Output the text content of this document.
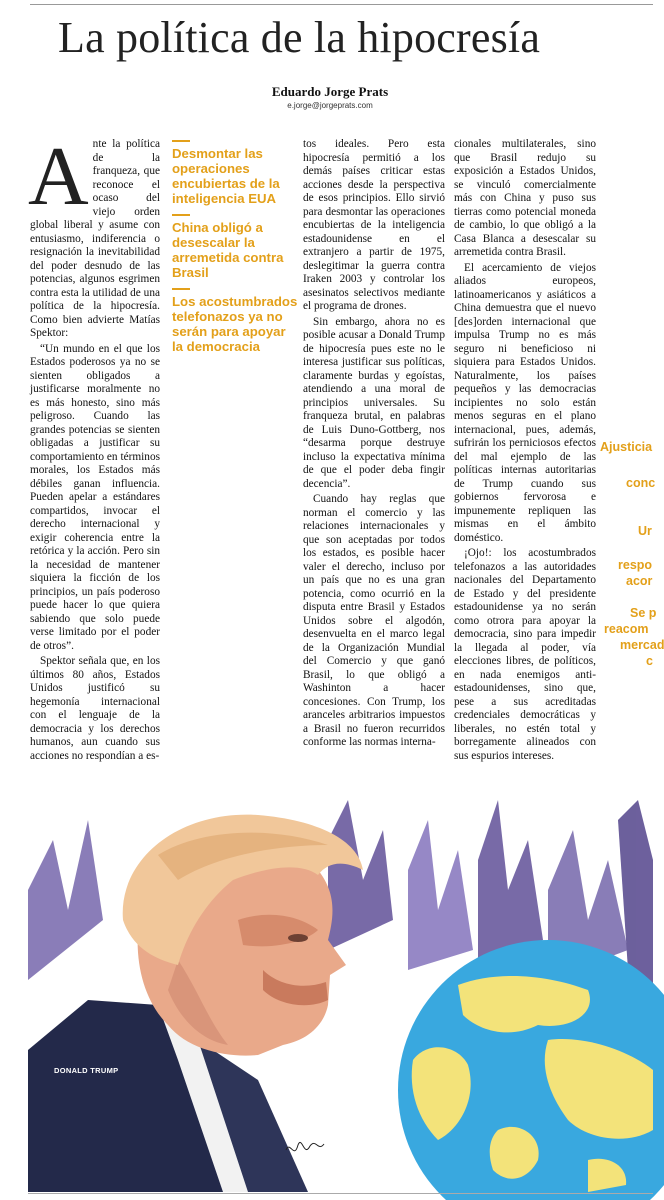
La política de la hipocresía
Eduardo Jorge Prats
e.jorge@jorgeprats.com

Ante la política de la franqueza, que reconoce el ocaso del viejo orden global liberal y asume con entusiasmo, indiferencia o resignación la inevitabilidad del poder desnudo de las potencias, algunos esgrimen contra esta la utilidad de una política de la hipocresía. Como bien advierte Matías Spektor:

“Un mundo en el que los Estados poderosos ya no se sienten obligados a justificarse moralmente no es más honesto, sino más peligroso. Cuando las grandes potencias se sienten obligadas a justificar su comportamiento en términos morales, los Estados más débiles ganan influencia. Pueden apelar a estándares compartidos, invocar el derecho internacional y exigir coherencia entre la retórica y la acción. Pero sin la necesidad de mantener siquiera la ficción de los principios, un país poderoso puede hacer lo que quiera sabiendo que solo puede verse limitado por el poder de otros”.

Spektor señala que, en los últimos 80 años, Estados Unidos justificó su hegemonía internacional con el lenguaje de la democracia y los derechos humanos, aun cuando sus acciones no respondían a es-

Desmontar las operaciones encubiertas de la inteligencia EUA
China obligó a desescalar la arremetida contra Brasil
Los acostumbrados telefonazos ya no serán para apoyar la democracia

tos ideales. Pero esta hipocresía permitió a los demás países criticar estas acciones desde la perspectiva de esos principios. Ello sirvió para desmontar las operaciones encubiertas de la inteligencia estadounidense en el extranjero a partir de 1975, deslegitimar la guerra contra Iraken 2003 y controlar los asesinatos selectivos mediante el programa de drones.

Sin embargo, ahora no es posible acusar a Donald Trump de hipocresía pues este no le interesa justificar sus políticas, claramente burdas y egoístas, atendiendo a una moral de principios universales. Su franqueza brutal, en palabras de Luis Duno-Gottberg, nos “desarma porque destruye incluso la expectativa mínima de que el poder deba fingir decencia”.

Cuando hay reglas que norman el comercio y las relaciones internacionales y que son aceptadas por todos los estados, es posible hacer valer el derecho, incluso por un país que no es una gran potencia, como ocurrió en la disputa entre Brasil y Estados Unidos sobre el algodón, desenvuelta en el marco legal de la Organización Mundial del Comercio y que ganó Brasil, lo que obligó a Washinton a hacer concesiones. Con Trump, los aranceles arbitrarios impuestos a Brasil no fueron recurridos conforme las normas interna-

cionales multilaterales, sino que Brasil redujo su exposición a Estados Unidos, se vinculó comercialmente más con China y puso sus tierras como potencial moneda de cambio, lo que obligó a la Casa Blanca a desescalar su arremetida contra Brasil.

El acercamiento de viejos aliados europeos, latinoamericanos y asiáticos a China demuestra que el nuevo [des]orden internacional que impulsa Trump no es más seguro ni beneficioso ni siquiera para Estados Unidos. Naturalmente, los países pequeños y las democracias incipientes no solo están menos seguras en el plano internacional, pues, además, sufrirán los perniciosos efectos del mal ejemplo de las políticas internas autoritarias de Trump cuando sus gobiernos fervorosa e impunemente repliquen las mismas en el ámbito doméstico.

¡Ojo!: los acostumbrados telefonazos a las autoridades nacionales del Departamento de Estado y del presidente estadounidense ya no serán como otrora para apoyar la democracia, sino para impedir la llegada al poder, vía elecciones libres, de políticos, en nada enemigos anti-estadounidenses, sino que, pese a sus acreditadas credenciales democráticas y liberales, no estén total y borregamente alineados con sus espurios intereses.

Ajusticia
conc
Ur
respo
acor
Se p
reacom
mercad
c
DONALD TRUMP
